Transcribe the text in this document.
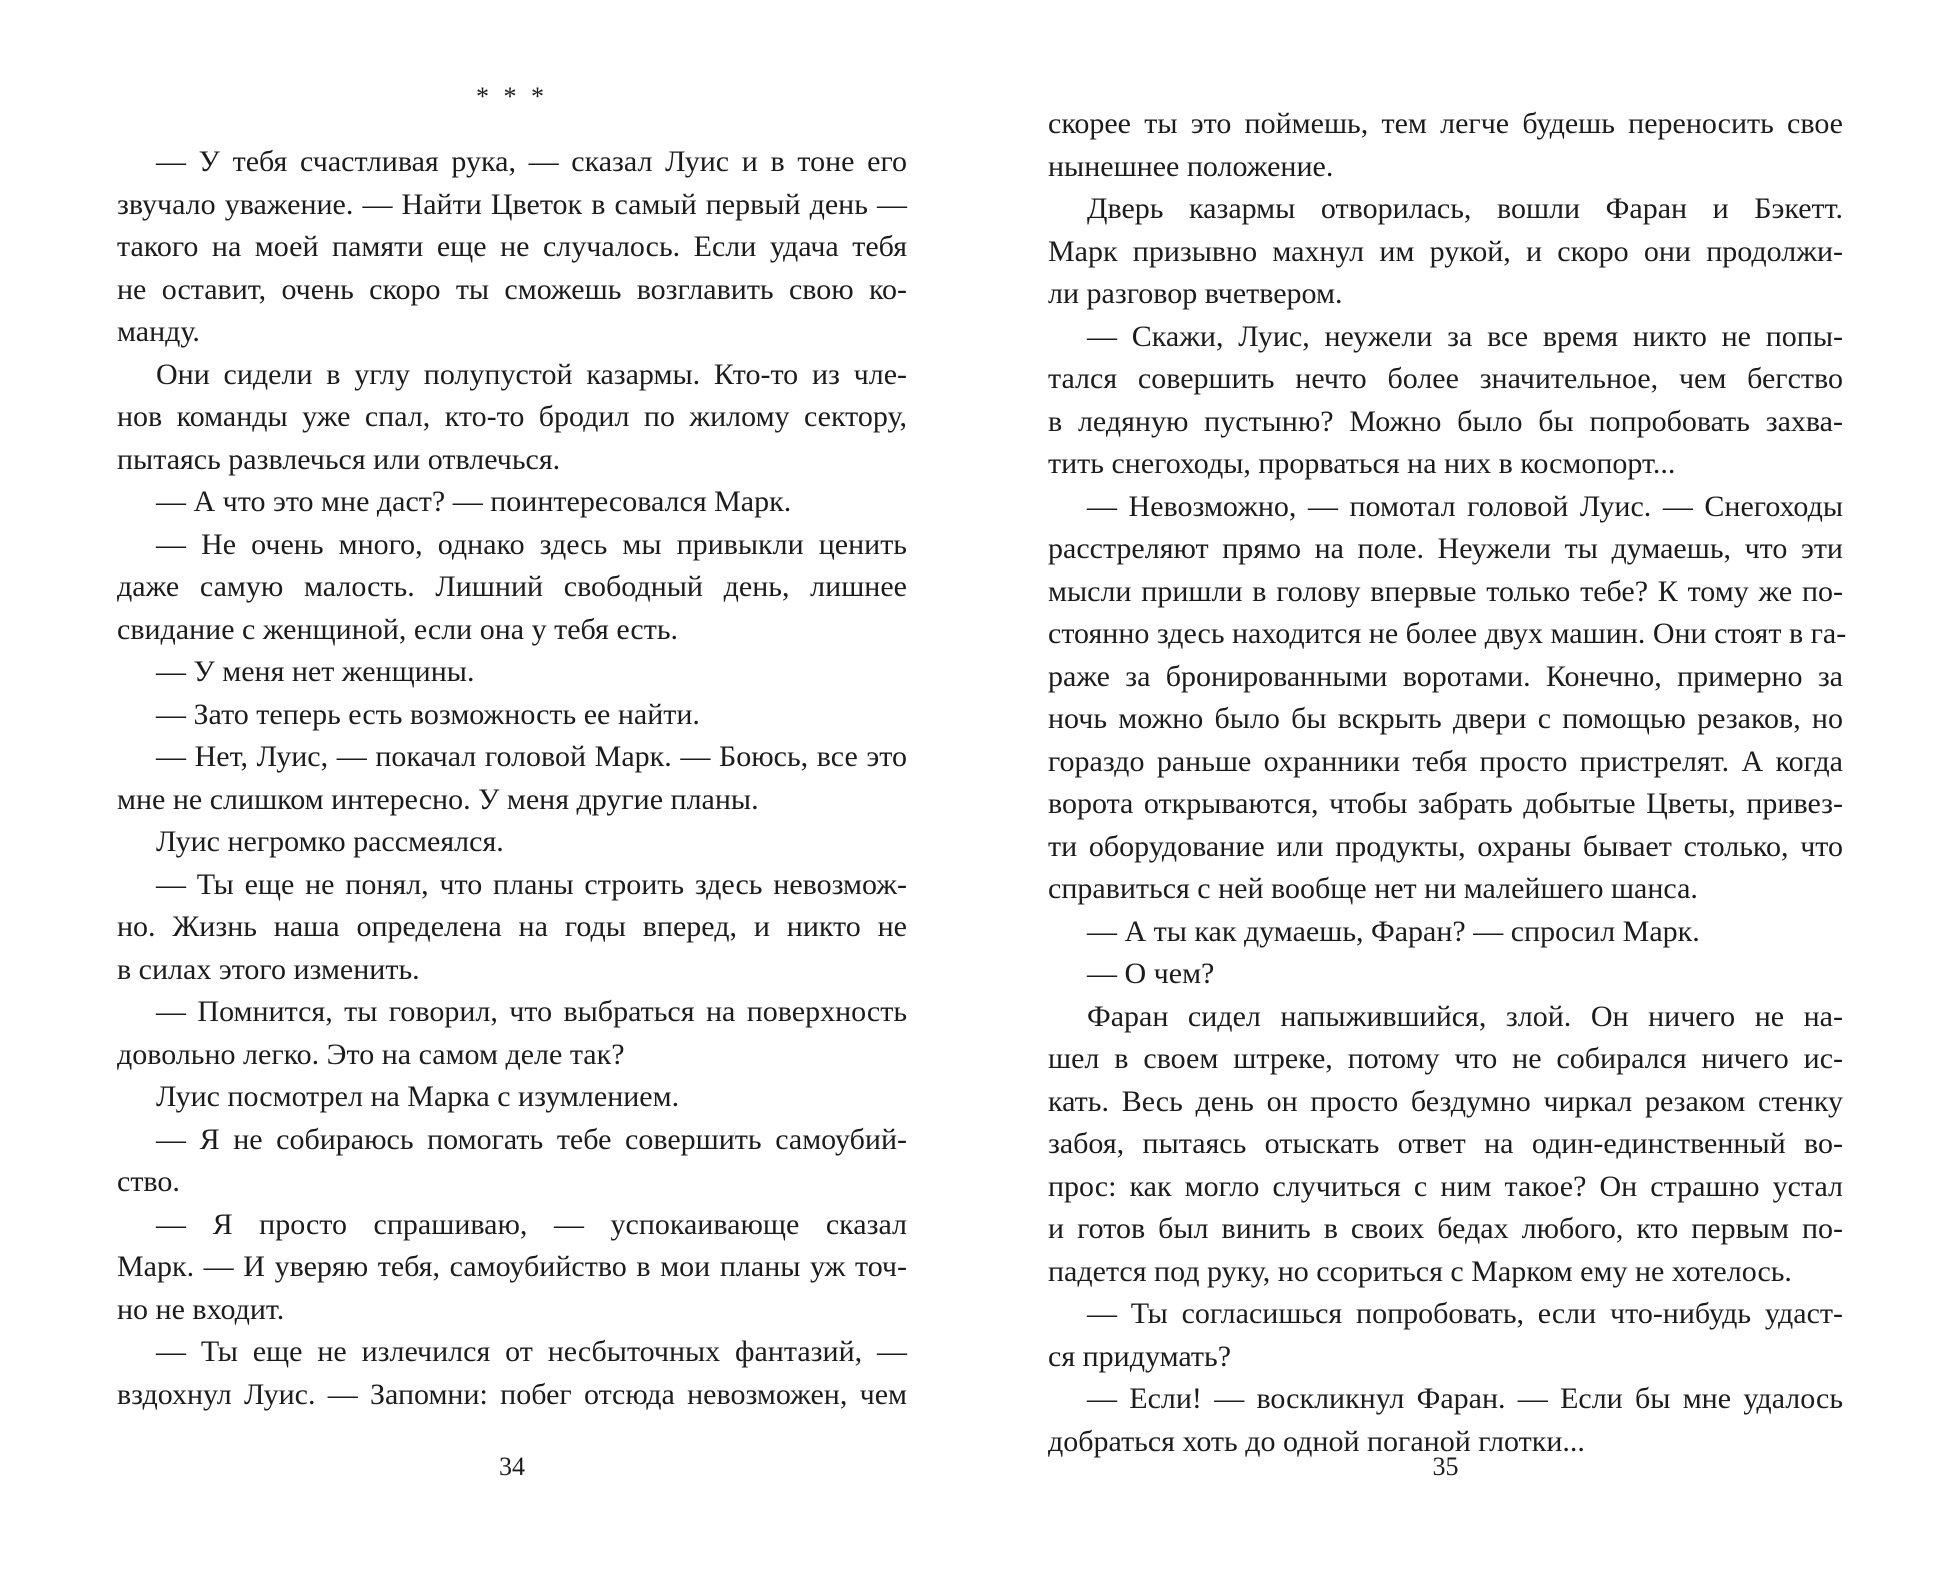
* * *
— У тебя счастливая рука, — сказал Луис и в тоне его
звучало уважение. — Найти Цветок в самый первый день —
такого на моей памяти еще не случалось. Если удача тебя
не оставит, очень скоро ты сможешь возглавить свою ко-
манду.
Они сидели в углу полупустой казармы. Кто-то из чле-
нов команды уже спал, кто-то бродил по жилому сектору,
пытаясь развлечься или отвлечься.
— А что это мне даст? — поинтересовался Марк.
— Не очень много, однако здесь мы привыкли ценить
даже самую малость. Лишний свободный день, лишнее
свидание с женщиной, если она у тебя есть.
— У меня нет женщины.
— Зато теперь есть возможность ее найти.
— Нет, Луис, — покачал головой Марк. — Боюсь, все это
мне не слишком интересно. У меня другие планы.
Луис негромко рассмеялся.
— Ты еще не понял, что планы строить здесь невозмож-
но. Жизнь наша определена на годы вперед, и никто не
в силах этого изменить.
— Помнится, ты говорил, что выбраться на поверхность
довольно легко. Это на самом деле так?
Луис посмотрел на Марка с изумлением.
— Я не собираюсь помогать тебе совершить самоубий-
ство.
— Я просто спрашиваю, — успокаивающе сказал
Марк. — И уверяю тебя, самоубийство в мои планы уж точ-
но не входит.
— Ты еще не излечился от несбыточных фантазий, —
вздохнул Луис. — Запомни: побег отсюда невозможен, чем
34
скорее ты это поймешь, тем легче будешь переносить свое
нынешнее положение.
Дверь казармы отворилась, вошли Фаран и Бэкетт.
Марк призывно махнул им рукой, и скоро они продолжи-
ли разговор вчетвером.
— Скажи, Луис, неужели за все время никто не попы-
тался совершить нечто более значительное, чем бегство
в ледяную пустыню? Можно было бы попробовать захва-
тить снегоходы, прорваться на них в космопорт...
— Невозможно, — помотал головой Луис. — Снегоходы
расстреляют прямо на поле. Неужели ты думаешь, что эти
мысли пришли в голову впервые только тебе? К тому же по-
стоянно здесь находится не более двух машин. Они стоят в га-
раже за бронированными воротами. Конечно, примерно за
ночь можно было бы вскрыть двери с помощью резаков, но
гораздо раньше охранники тебя просто пристрелят. А когда
ворота открываются, чтобы забрать добытые Цветы, привез-
ти оборудование или продукты, охраны бывает столько, что
справиться с ней вообще нет ни малейшего шанса.
— А ты как думаешь, Фаран? — спросил Марк.
— О чем?
Фаран сидел напыжившийся, злой. Он ничего не на-
шел в своем штреке, потому что не собирался ничего ис-
кать. Весь день он просто бездумно чиркал резаком стенку
забоя, пытаясь отыскать ответ на один-единственный во-
прос: как могло случиться с ним такое? Он страшно устал
и готов был винить в своих бедах любого, кто первым по-
падется под руку, но ссориться с Марком ему не хотелось.
— Ты согласишься попробовать, если что-нибудь удаст-
ся придумать?
— Если! — воскликнул Фаран. — Если бы мне удалось
добраться хоть до одной поганой глотки...
35
